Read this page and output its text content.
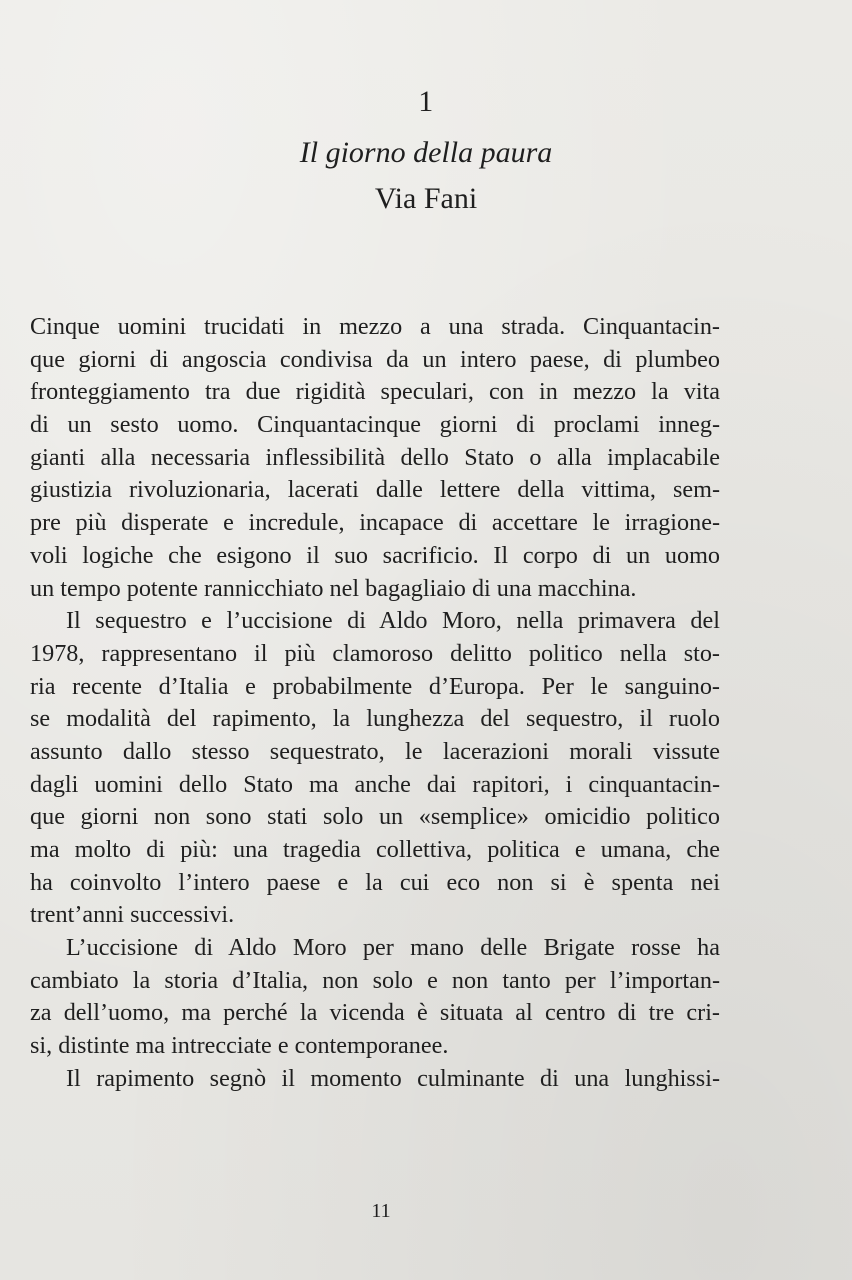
1
Il giorno della paura
Via Fani
Cinque uomini trucidati in mezzo a una strada. Cinquantacin-
que giorni di angoscia condivisa da un intero paese, di plumbeo
fronteggiamento tra due rigidità speculari, con in mezzo la vita
di un sesto uomo. Cinquantacinque giorni di proclami inneg-
gianti alla necessaria inflessibilità dello Stato o alla implacabile
giustizia rivoluzionaria, lacerati dalle lettere della vittima, sem-
pre più disperate e incredule, incapace di accettare le irragione-
voli logiche che esigono il suo sacrificio. Il corpo di un uomo
un tempo potente rannicchiato nel bagagliaio di una macchina.
Il sequestro e l’uccisione di Aldo Moro, nella primavera del
1978, rappresentano il più clamoroso delitto politico nella sto-
ria recente d’Italia e probabilmente d’Europa. Per le sanguino-
se modalità del rapimento, la lunghezza del sequestro, il ruolo
assunto dallo stesso sequestrato, le lacerazioni morali vissute
dagli uomini dello Stato ma anche dai rapitori, i cinquantacin-
que giorni non sono stati solo un «semplice» omicidio politico
ma molto di più: una tragedia collettiva, politica e umana, che
ha coinvolto l’intero paese e la cui eco non si è spenta nei
trent’anni successivi.
L’uccisione di Aldo Moro per mano delle Brigate rosse ha
cambiato la storia d’Italia, non solo e non tanto per l’importan-
za dell’uomo, ma perché la vicenda è situata al centro di tre cri-
si, distinte ma intrecciate e contemporanee.
Il rapimento segnò il momento culminante di una lunghissi-
11
